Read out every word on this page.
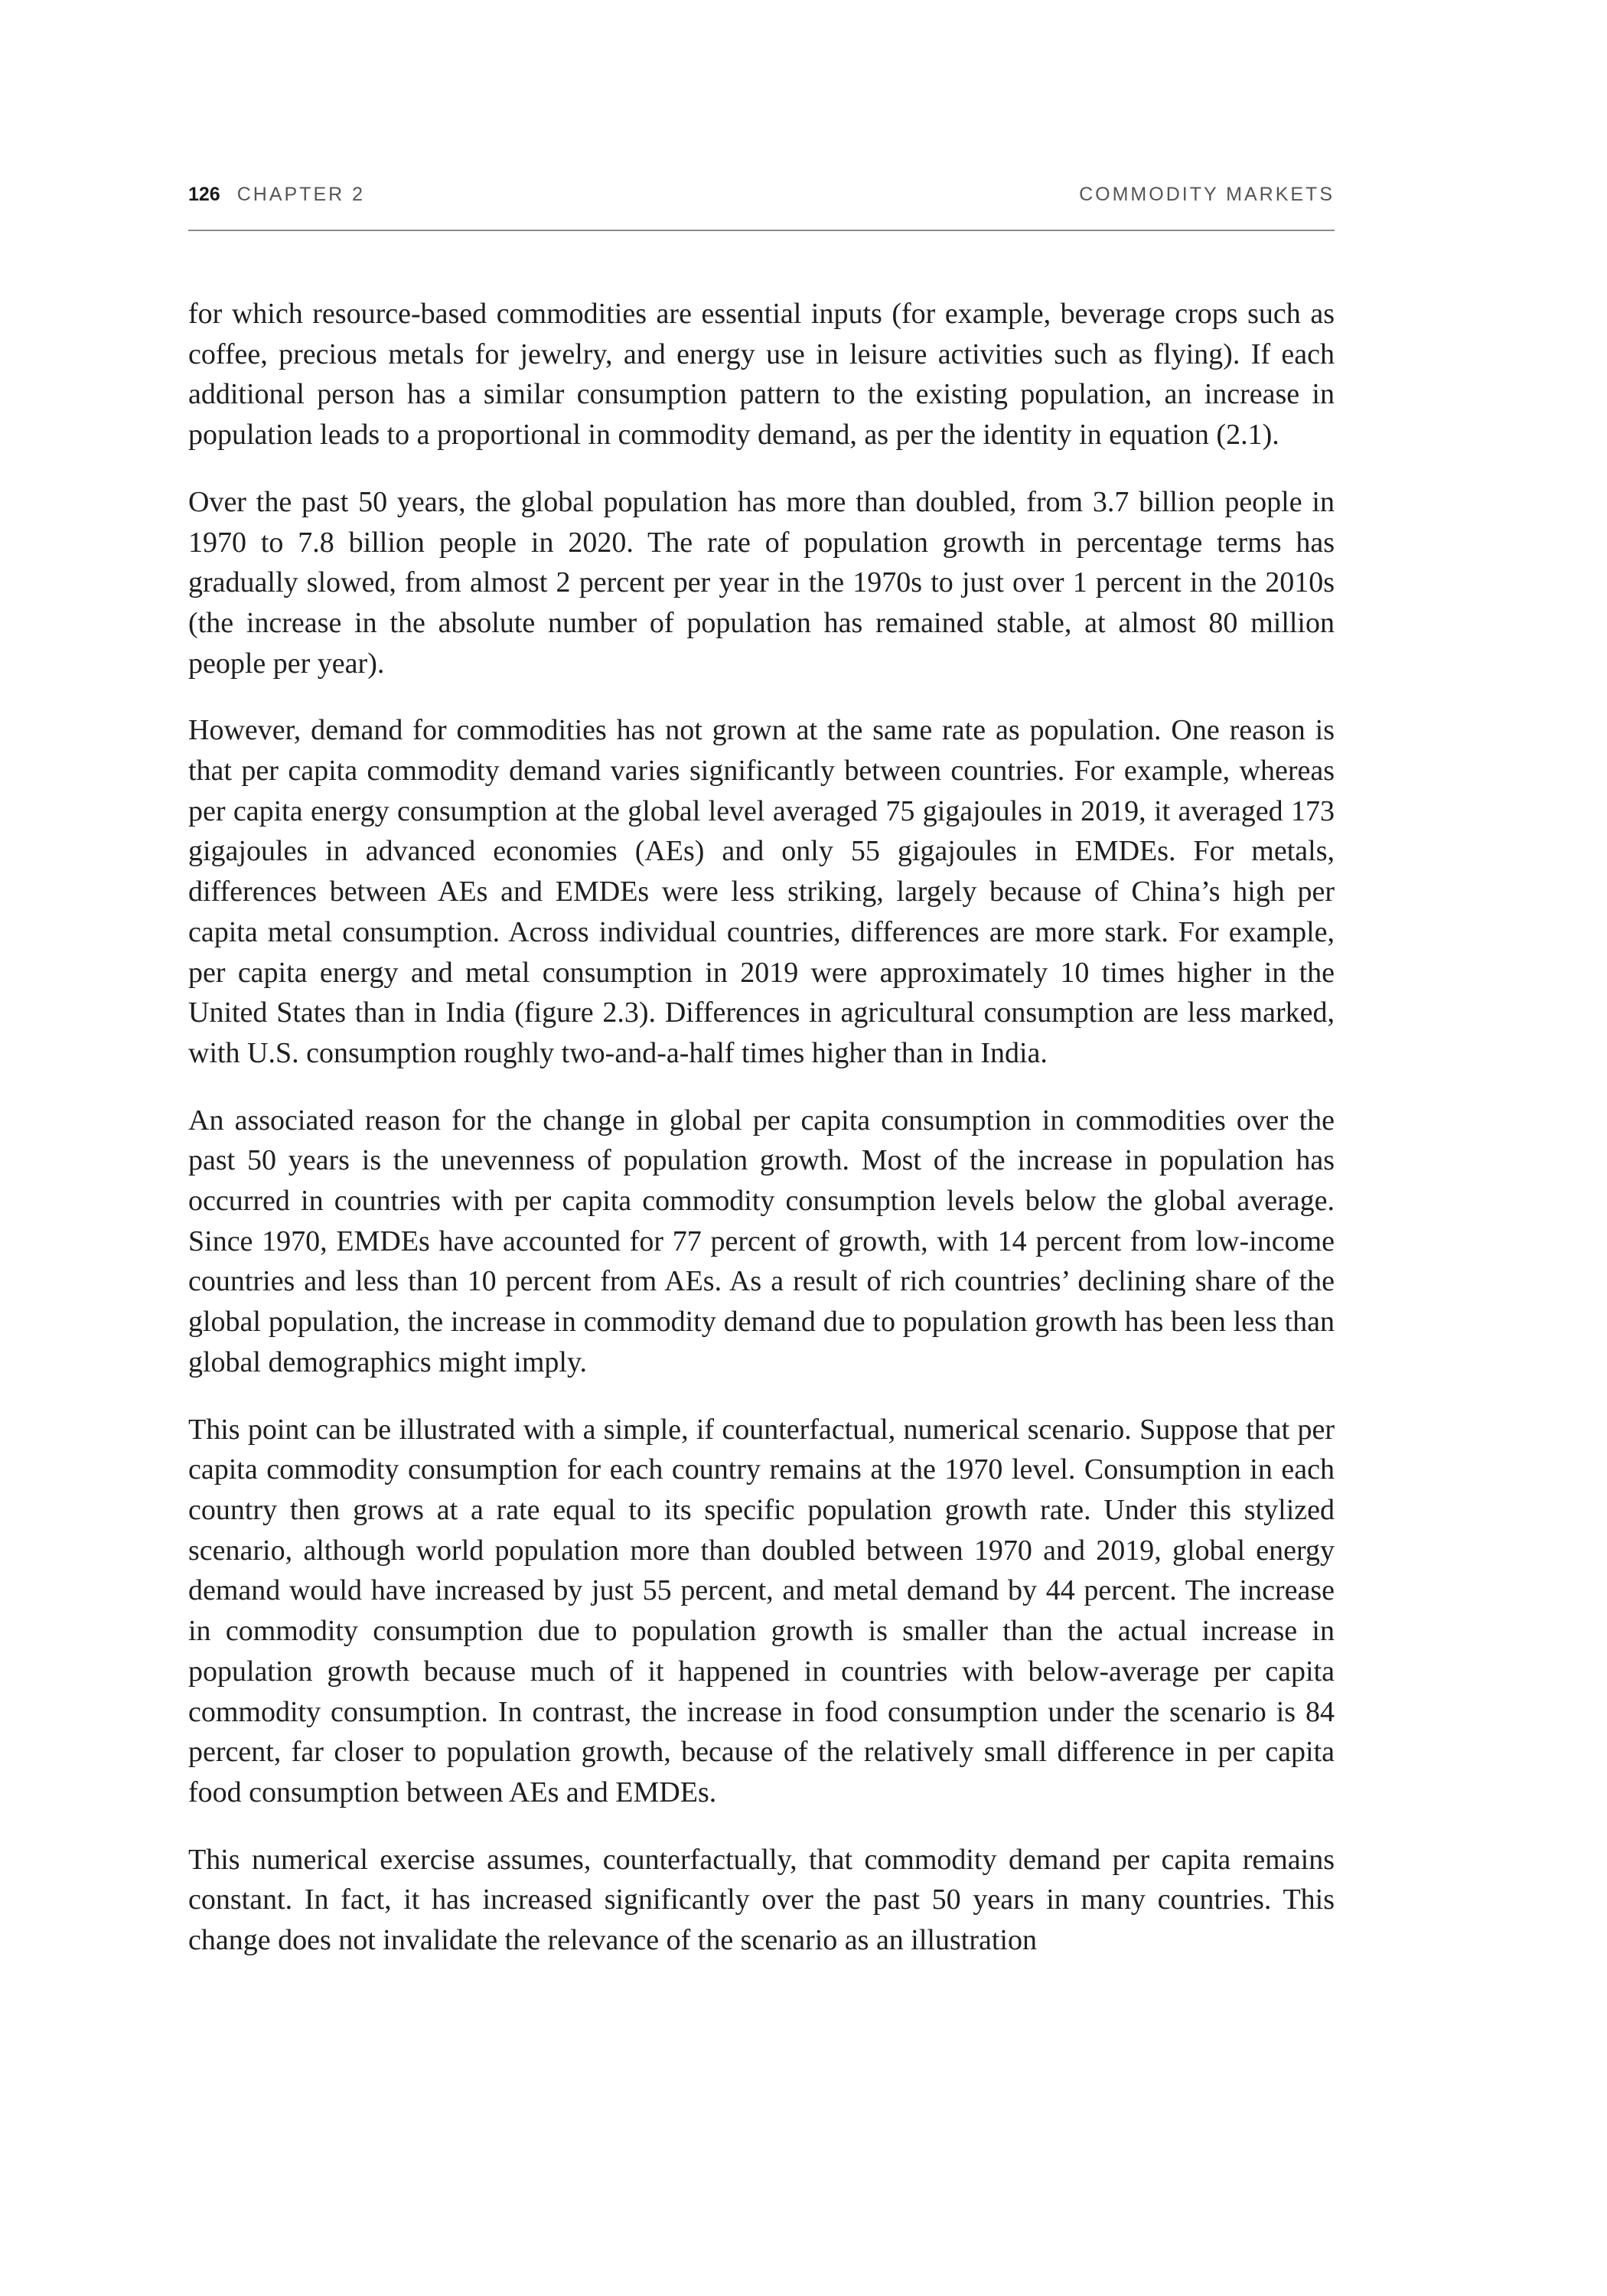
126 CHAPTER 2	COMMODITY MARKETS

for which resource-based commodities are essential inputs (for example, beverage crops such as coffee, precious metals for jewelry, and energy use in leisure activities such as flying). If each additional person has a similar consumption pattern to the existing population, an increase in population leads to a proportional in commodity demand, as per the identity in equation (2.1).

Over the past 50 years, the global population has more than doubled, from 3.7 billion people in 1970 to 7.8 billion people in 2020. The rate of population growth in percentage terms has gradually slowed, from almost 2 percent per year in the 1970s to just over 1 percent in the 2010s (the increase in the absolute number of population has remained stable, at almost 80 million people per year).

However, demand for commodities has not grown at the same rate as population. One reason is that per capita commodity demand varies significantly between countries. For example, whereas per capita energy consumption at the global level averaged 75 gigajoules in 2019, it averaged 173 gigajoules in advanced economies (AEs) and only 55 gigajoules in EMDEs. For metals, differences between AEs and EMDEs were less striking, largely because of China’s high per capita metal consumption. Across individual countries, differences are more stark. For example, per capita energy and metal consumption in 2019 were approximately 10 times higher in the United States than in India (figure 2.3). Differences in agricultural consumption are less marked, with U.S. consumption roughly two-and-a-half times higher than in India.

An associated reason for the change in global per capita consumption in commodities over the past 50 years is the unevenness of population growth. Most of the increase in population has occurred in countries with per capita commodity consumption levels below the global average. Since 1970, EMDEs have accounted for 77 percent of growth, with 14 percent from low-income countries and less than 10 percent from AEs. As a result of rich countries’ declining share of the global population, the increase in commodity demand due to population growth has been less than global demographics might imply.

This point can be illustrated with a simple, if counterfactual, numerical scenario. Suppose that per capita commodity consumption for each country remains at the 1970 level. Consumption in each country then grows at a rate equal to its specific population growth rate. Under this stylized scenario, although world population more than doubled between 1970 and 2019, global energy demand would have increased by just 55 percent, and metal demand by 44 percent. The increase in commodity consumption due to population growth is smaller than the actual increase in population growth because much of it happened in countries with below-average per capita commodity consumption. In contrast, the increase in food consumption under the scenario is 84 percent, far closer to population growth, because of the relatively small difference in per capita food consumption between AEs and EMDEs.

This numerical exercise assumes, counterfactually, that commodity demand per capita remains constant. In fact, it has increased significantly over the past 50 years in many countries. This change does not invalidate the relevance of the scenario as an illustration
